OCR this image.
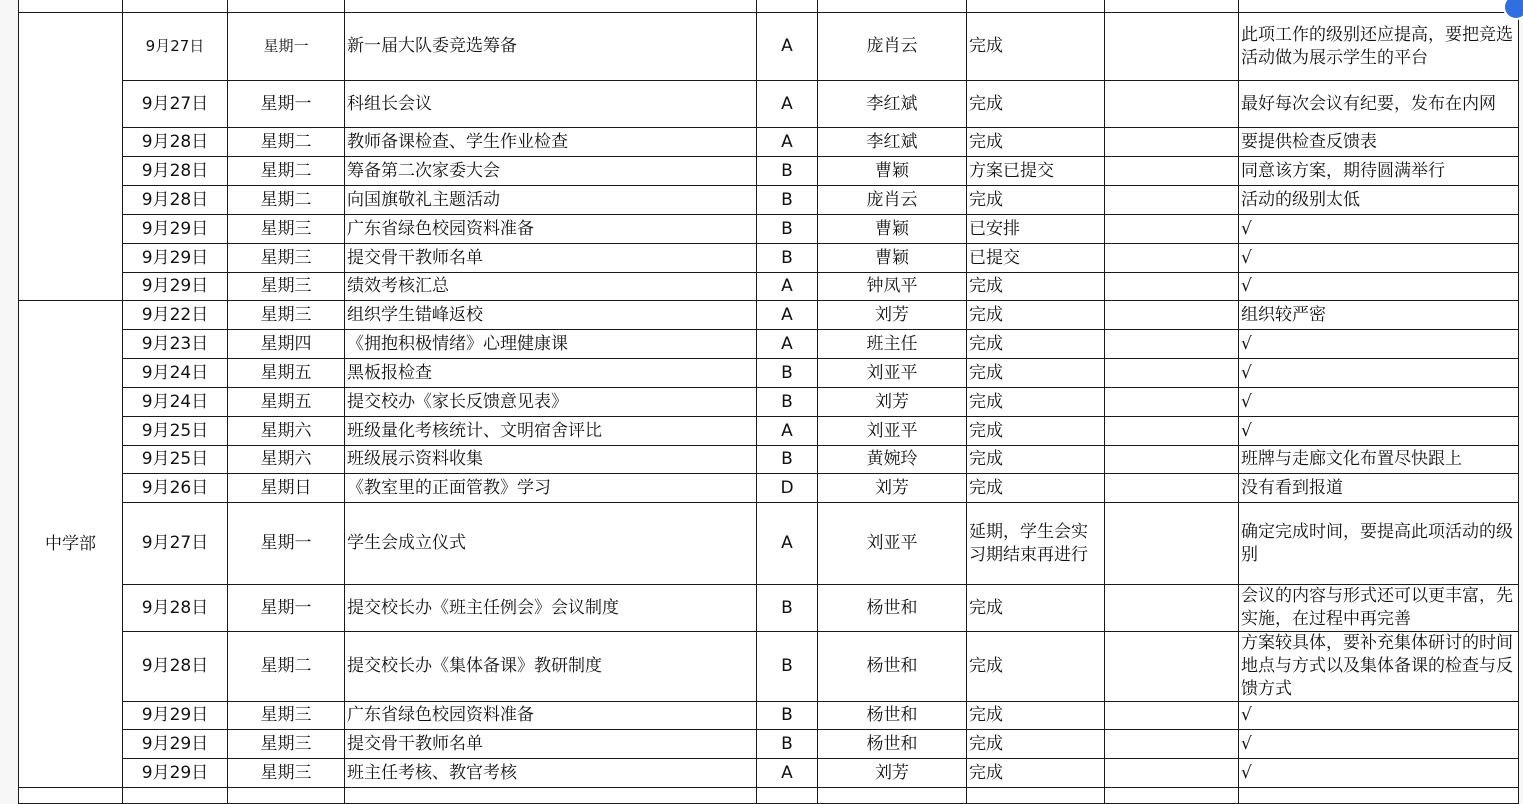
	9月27日	星期一	新一届大队委竞选筹备	A	庞肖云	完成		此项工作的级别还应提高，要把竞选活动做为展示学生的平台
	9月27日	星期一	科组长会议	A	李红斌	完成		最好每次会议有纪要，发布在内网
	9月28日	星期二	教师备课检查、学生作业检查	A	李红斌	完成		要提供检查反馈表
	9月28日	星期二	筹备第二次家委大会	B	曹颖	方案已提交		同意该方案，期待圆满举行
	9月28日	星期二	向国旗敬礼主题活动	B	庞肖云	完成		活动的级别太低
	9月29日	星期三	广东省绿色校园资料准备	B	曹颖	已安排		√
	9月29日	星期三	提交骨干教师名单	B	曹颖	已提交		√
	9月29日	星期三	绩效考核汇总	A	钟凤平	完成		√
中学部	9月22日	星期三	组织学生错峰返校	A	刘芳	完成		组织较严密
	9月23日	星期四	《拥抱积极情绪》心理健康课	A	班主任	完成		√
	9月24日	星期五	黑板报检查	B	刘亚平	完成		√
	9月24日	星期五	提交校办《家长反馈意见表》	B	刘芳	完成		√
	9月25日	星期六	班级量化考核统计、文明宿舍评比	A	刘亚平	完成		√
	9月25日	星期六	班级展示资料收集	B	黄婉玲	完成		班牌与走廊文化布置尽快跟上
	9月26日	星期日	《教室里的正面管教》学习	D	刘芳	完成		没有看到报道
	9月27日	星期一	学生会成立仪式	A	刘亚平	延期，学生会实习期结束再进行		确定完成时间，要提高此项活动的级别
	9月28日	星期一	提交校长办《班主任例会》会议制度	B	杨世和	完成		会议的内容与形式还可以更丰富，先实施，在过程中再完善
	9月28日	星期二	提交校长办《集体备课》教研制度	B	杨世和	完成		方案较具体，要补充集体研讨的时间地点与方式以及集体备课的检查与反馈方式
	9月29日	星期三	广东省绿色校园资料准备	B	杨世和	完成		√
	9月29日	星期三	提交骨干教师名单	B	杨世和	完成		√
	9月29日	星期三	班主任考核、教官考核	A	刘芳	完成		√
